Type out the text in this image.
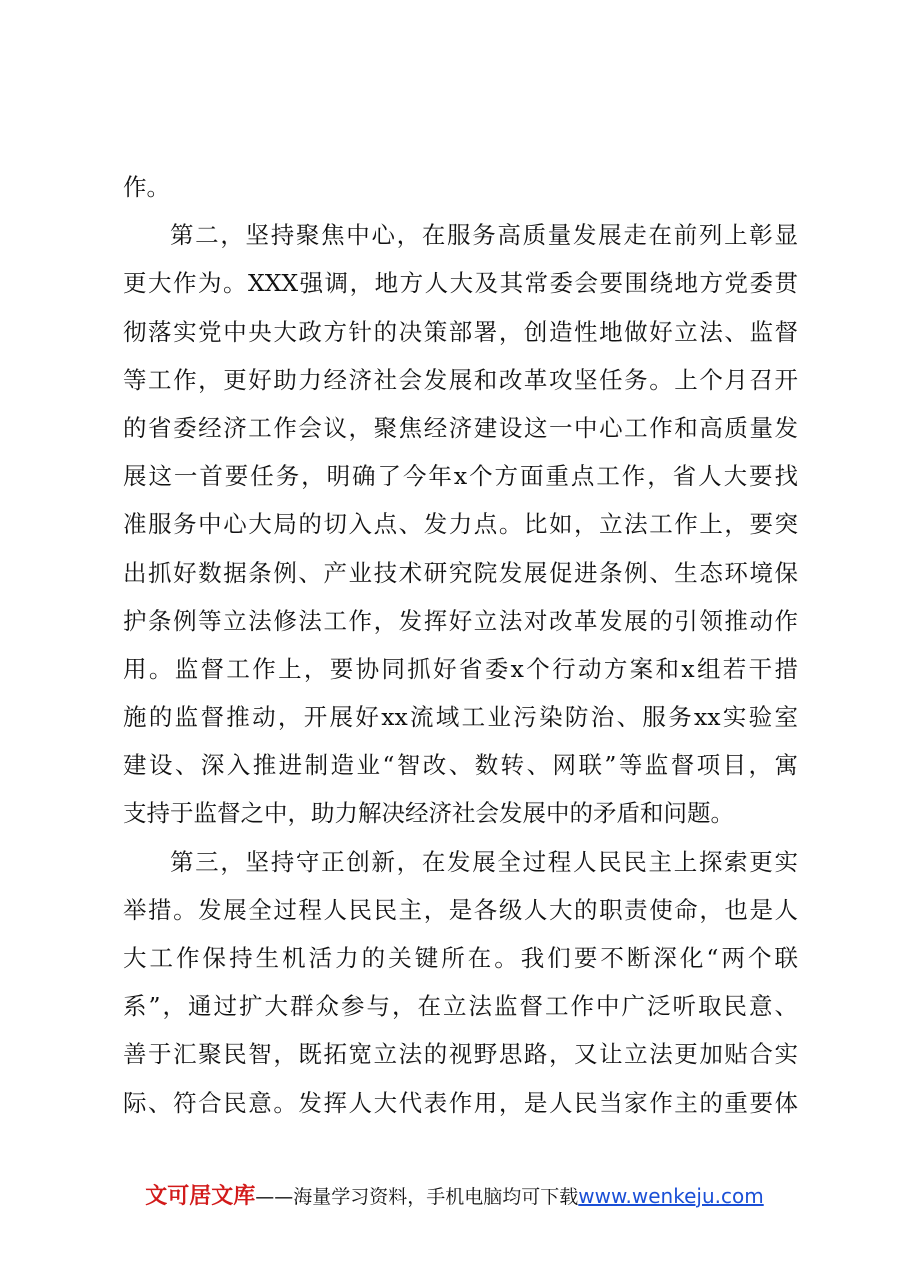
作。
第二，坚持聚焦中心，在服务高质量发展走在前列上彰显
更大作为。XXX强调，地方人大及其常委会要围绕地方党委贯
彻落实党中央大政方针的决策部署，创造性地做好立法、监督
等工作，更好助力经济社会发展和改革攻坚任务。上个月召开
的省委经济工作会议，聚焦经济建设这一中心工作和高质量发
展这一首要任务，明确了今年x个方面重点工作，省人大要找
准服务中心大局的切入点、发力点。比如，立法工作上，要突
出抓好数据条例、产业技术研究院发展促进条例、生态环境保
护条例等立法修法工作，发挥好立法对改革发展的引领推动作
用。监督工作上，要协同抓好省委x个行动方案和x组若干措
施的监督推动，开展好xx流域工业污染防治、服务xx实验室
建设、深入推进制造业“智改、数转、网联”等监督项目，寓
支持于监督之中，助力解决经济社会发展中的矛盾和问题。
第三，坚持守正创新，在发展全过程人民民主上探索更实
举措。发展全过程人民民主，是各级人大的职责使命，也是人
大工作保持生机活力的关键所在。我们要不断深化“两个联
系”，通过扩大群众参与，在立法监督工作中广泛听取民意、
善于汇聚民智，既拓宽立法的视野思路，又让立法更加贴合实
际、符合民意。发挥人大代表作用，是人民当家作主的重要体
文可居文库——海量学习资料，手机电脑均可下载www.wenkeju.com
